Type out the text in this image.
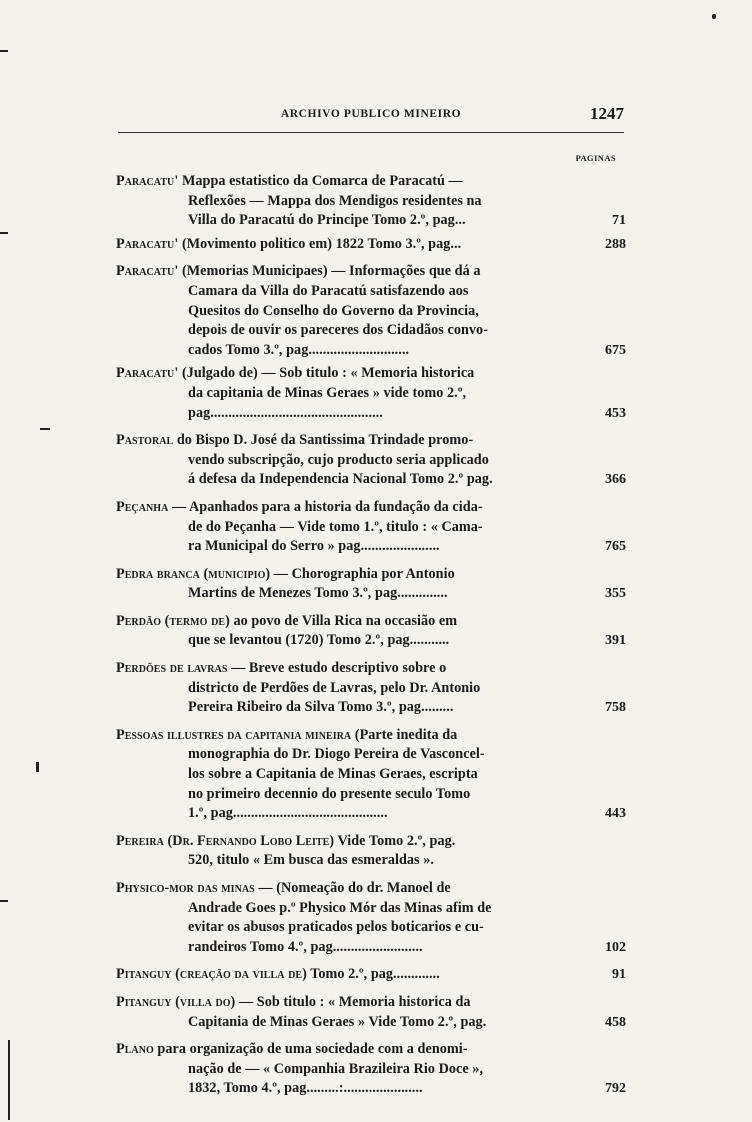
ARCHIVO PUBLICO MINEIRO	1247
PAGINAS
Paracatu' Mappa estatistico da Comarca de Paracatú —
Reflexões — Mappa dos Mendigos residentes na
Villa do Paracatú do Principe Tomo 2.º, pag...	71
Paracatu' (Movimento politico em) 1822 Tomo 3.º, pag...	288
Paracatu' (Memorias Municipaes) — Informações que dá a
Camara da Villa do Paracatú satisfazendo aos
Quesitos do Conselho do Governo da Provincia,
depois de ouvir os pareceres dos Cidadãos convo-
cados Tomo 3.º, pag............................	675
Paracatu' (Julgado de) — Sob titulo : « Memoria historica
da capitania de Minas Geraes » vide tomo 2.º,
pag................................................	453
Pastoral do Bispo D. José da Santissima Trindade promo-
vendo subscripção, cujo producto seria applicado
á defesa da Independencia Nacional Tomo 2.º pag.	366
Peçanha — Apanhados para a historia da fundação da cida-
de do Peçanha — Vide tomo 1.º, titulo : « Cama-
ra Municipal do Serro » pag......................	765
Pedra branca (municipio) — Chorographia por Antonio
Martins de Menezes Tomo 3.º, pag..............	355
Perdão (termo de) ao povo de Villa Rica na occasião em
que se levantou (1720) Tomo 2.º, pag...........	391
Perdões de lavras — Breve estudo descriptivo sobre o
districto de Perdões de Lavras, pelo Dr. Antonio
Pereira Ribeiro da Silva Tomo 3.º, pag.........	758
Pessoas illustres da capitania mineira (Parte inedita da
monographia do Dr. Diogo Pereira de Vasconcel-
los sobre a Capitania de Minas Geraes, escripta
no primeiro decennio do presente seculo Tomo
1.º, pag...........................................	443
Pereira (Dr. Fernando Lobo Leite) Vide Tomo 2.º, pag.
520, titulo « Em busca das esmeraldas ».
Physico-mor das minas — (Nomeação do dr. Manoel de
Andrade Goes p.º Physico Mór das Minas afim de
evitar os abusos praticados pelos boticarios e cu-
randeiros Tomo 4.º, pag.........................	102
Pitanguy (creação da villa de) Tomo 2.º, pag.............	91
Pitanguy (villa do) — Sob titulo : « Memoria historica da
Capitania de Minas Geraes » Vide Tomo 2.º, pag.	458
Plano para organização de uma sociedade com a denomi-
nação de — « Companhia Brazileira Rio Doce »,
1832, Tomo 4.º, pag.........:......................	792
